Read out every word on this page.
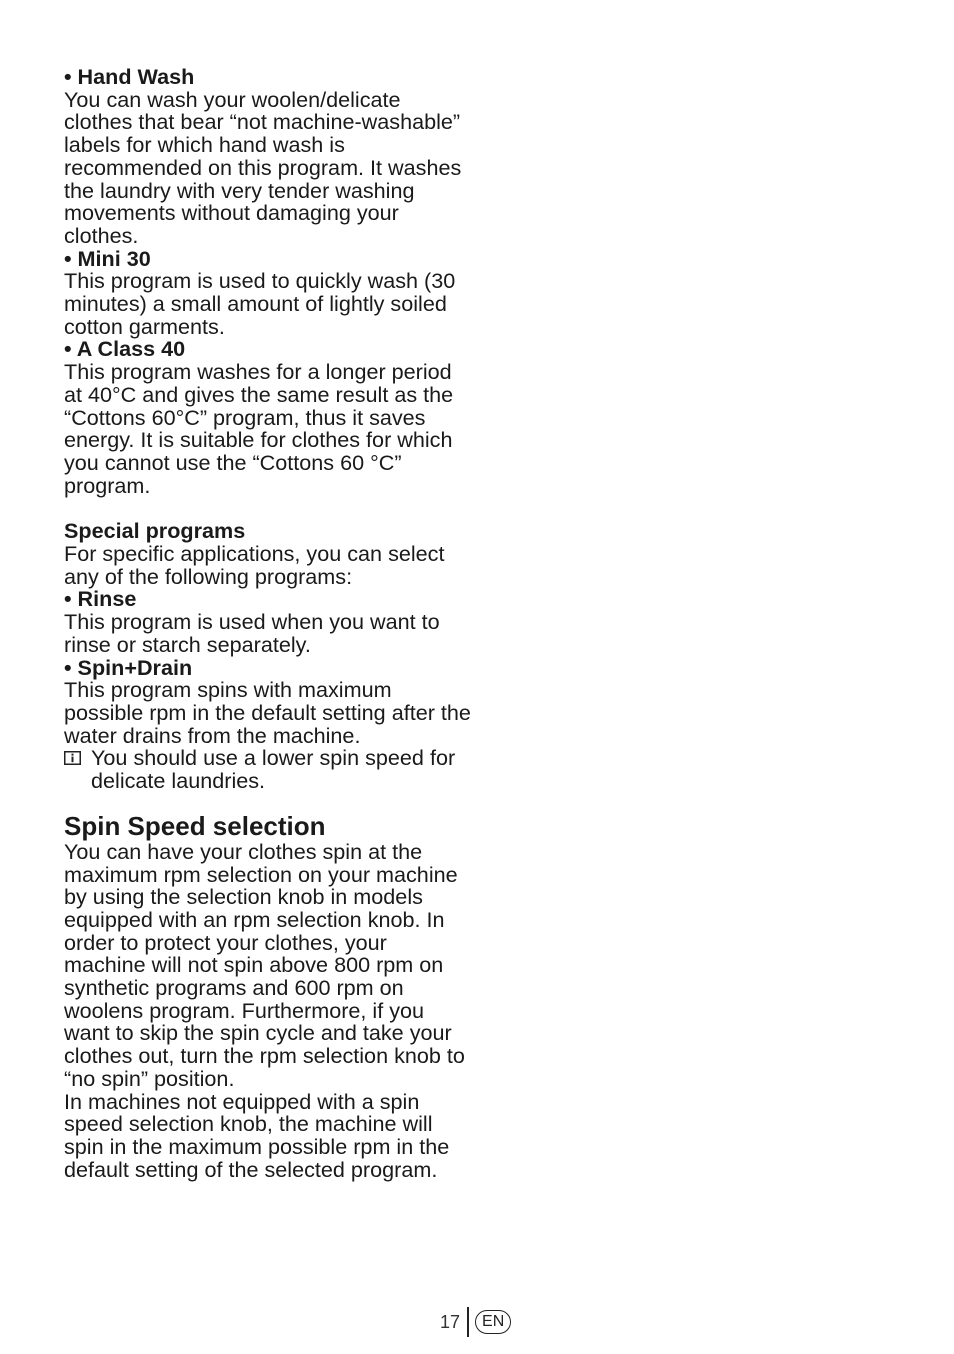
• Hand Wash

You can wash your woolen/delicate clothes that bear “not machine-washable” labels for which hand wash is recommended on this program. It washes the laundry with very tender washing movements without damaging your clothes.

• Mini 30

This program is used to quickly wash (30 minutes) a small amount of lightly soiled cotton garments.

• A Class 40

This program washes for a longer period at 40°C and gives the same result as the “Cottons 60°C” program, thus it saves energy. It is suitable for clothes for which you cannot use the “Cottons 60 °C” program.

Special programs

For specific applications, you can select any of the following programs:

• Rinse

This program is used when you want to rinse or starch separately.

• Spin+Drain

This program spins with maximum possible rpm in the default setting after the water drains from the machine.

You should use a lower spin speed for delicate laundries.
Spin Speed selection

You can have your clothes spin at the maximum rpm selection on your machine by using the selection knob in models equipped with an rpm selection knob. In order to protect your clothes, your machine will not spin above 800 rpm on synthetic programs and 600 rpm on woolens program. Furthermore, if you want to skip the spin cycle and take your clothes out, turn the rpm selection knob to “no spin” position.

In machines not equipped with a spin speed selection knob, the machine will spin in the maximum possible rpm in the default setting of the selected program.

17	EN
